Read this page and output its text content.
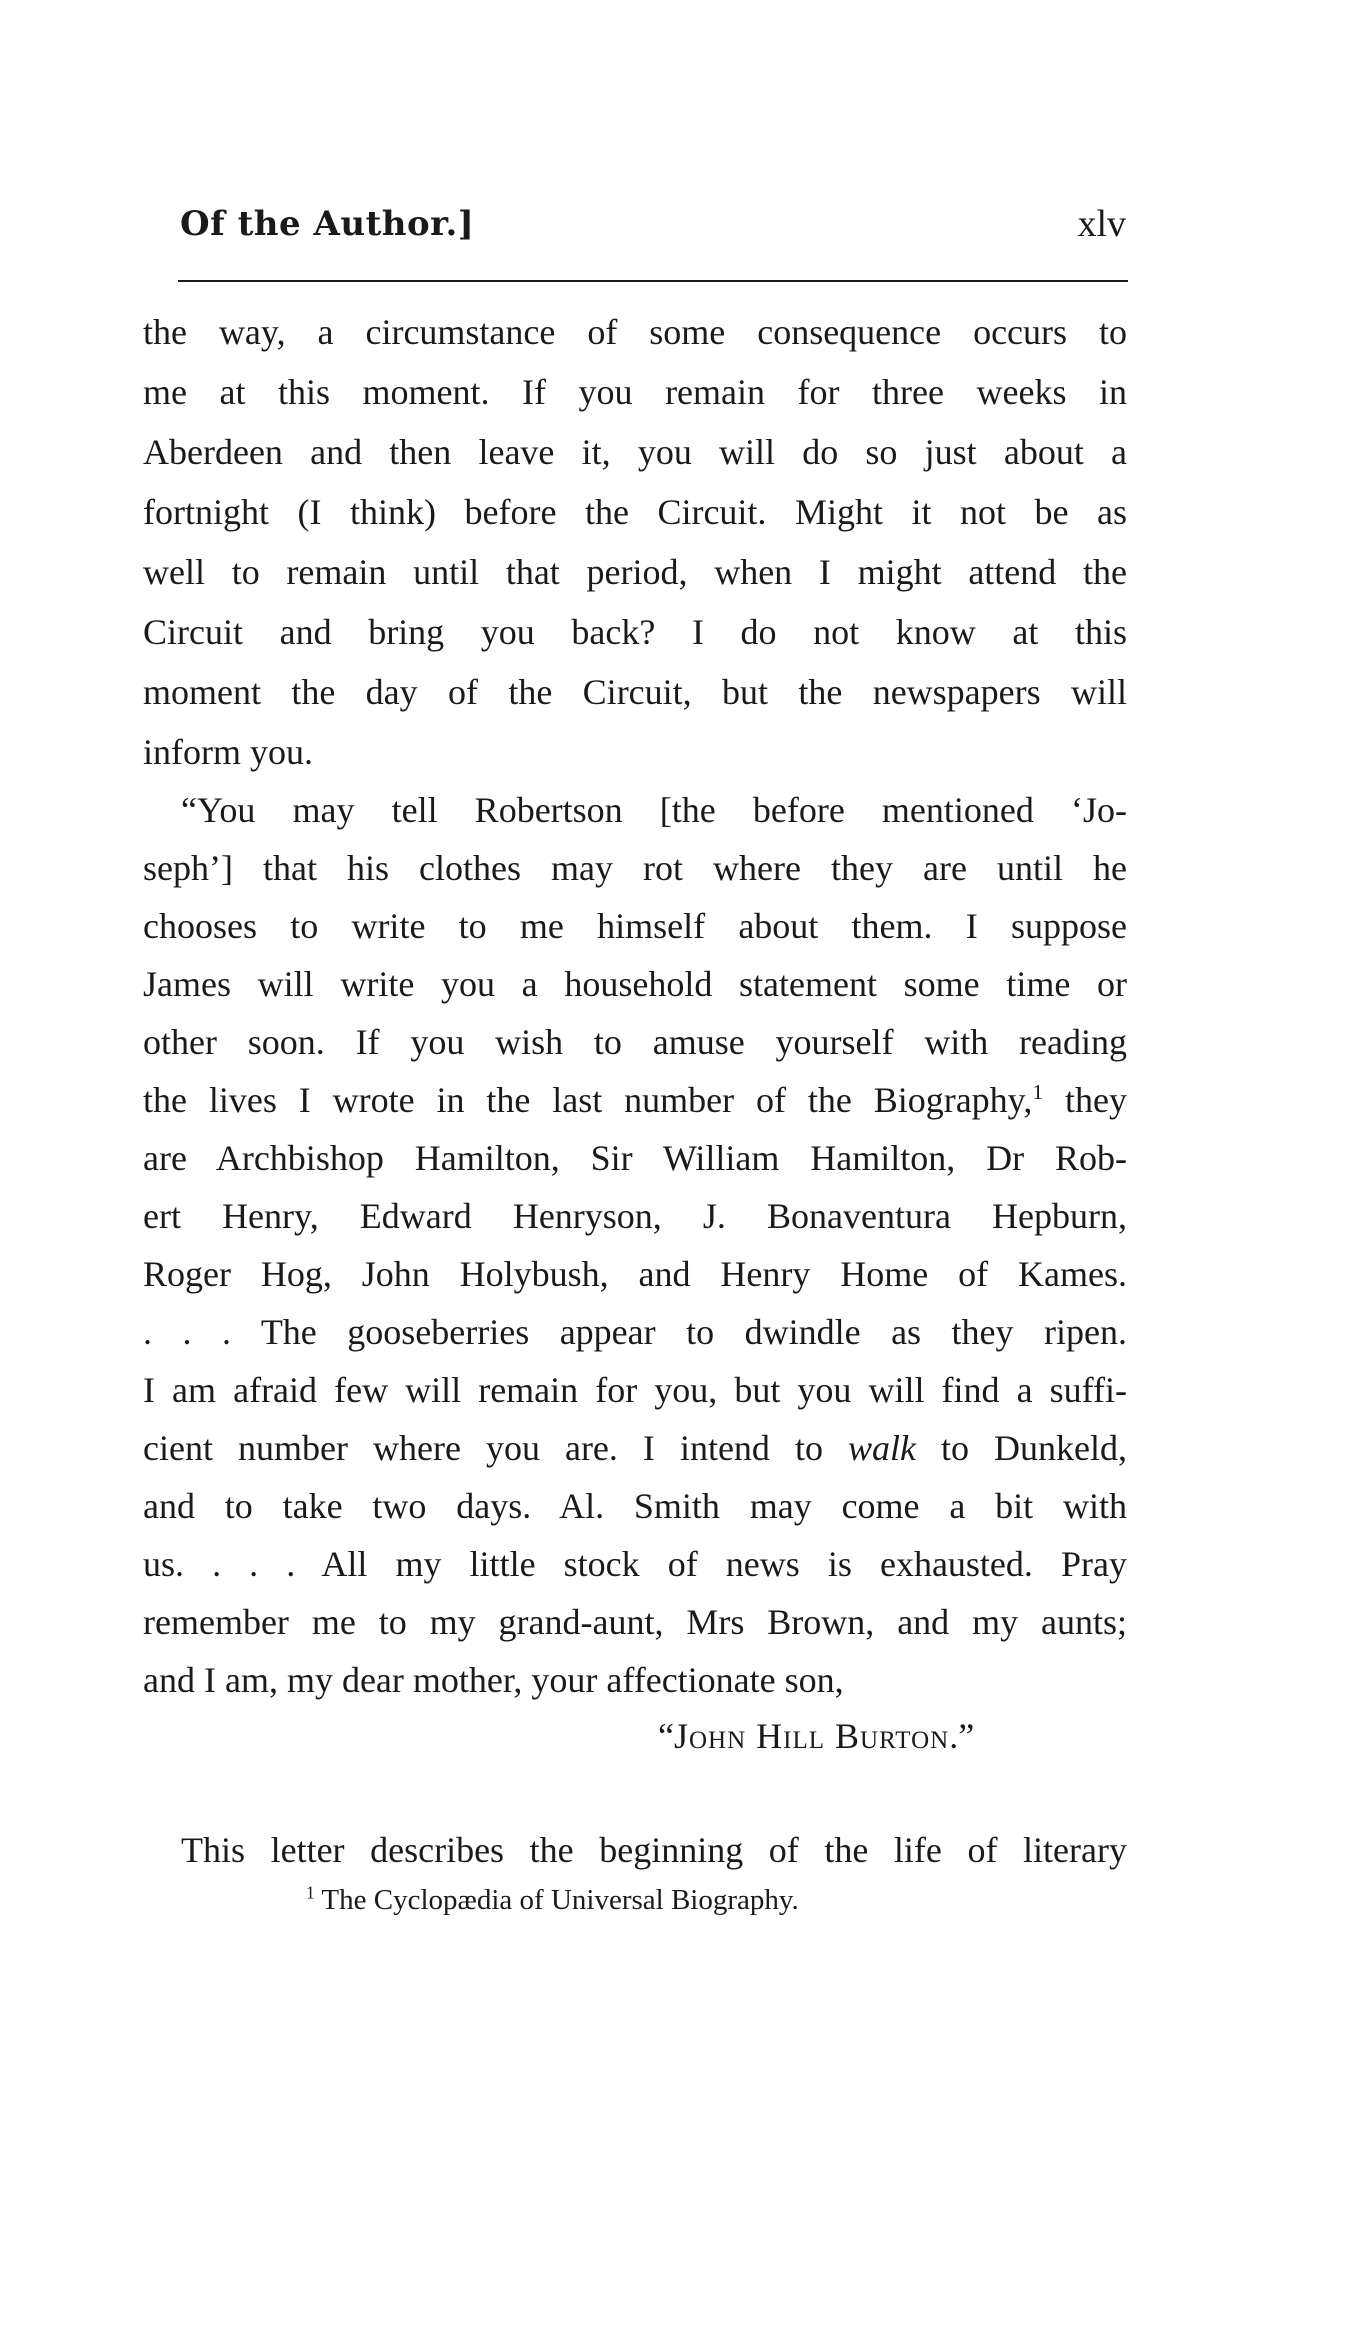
Of the Author.]	xlv
the way, a circumstance of some consequence occurs to
me at this moment. If you remain for three weeks in
Aberdeen and then leave it, you will do so just about a
fortnight (I think) before the Circuit. Might it not be as
well to remain until that period, when I might attend the
Circuit and bring you back? I do not know at this
moment the day of the Circuit, but the newspapers will
inform you.
“You may tell Robertson [the before mentioned ‘Jo-
seph’] that his clothes may rot where they are until he
chooses to write to me himself about them. I suppose
James will write you a household statement some time or
other soon. If you wish to amuse yourself with reading
the lives I wrote in the last number of the Biography,$^1$ they
are Archbishop Hamilton, Sir William Hamilton, Dr Rob-
ert Henry, Edward Henryson, J. Bonaventura Hepburn,
Roger Hog, John Holybush, and Henry Home of Kames.
. . . The gooseberries appear to dwindle as they ripen.
I am afraid few will remain for you, but you will find a suffi-
cient number where you are. I intend to walk to Dunkeld,
and to take two days. Al. Smith may come a bit with
us. . . . All my little stock of news is exhausted. Pray
remember me to my grand-aunt, Mrs Brown, and my aunts;
and I am, my dear mother, your affectionate son,
“John Hill Burton.”
This letter describes the beginning of the life of literary
$^1$ The Cyclopædia of Universal Biography.
